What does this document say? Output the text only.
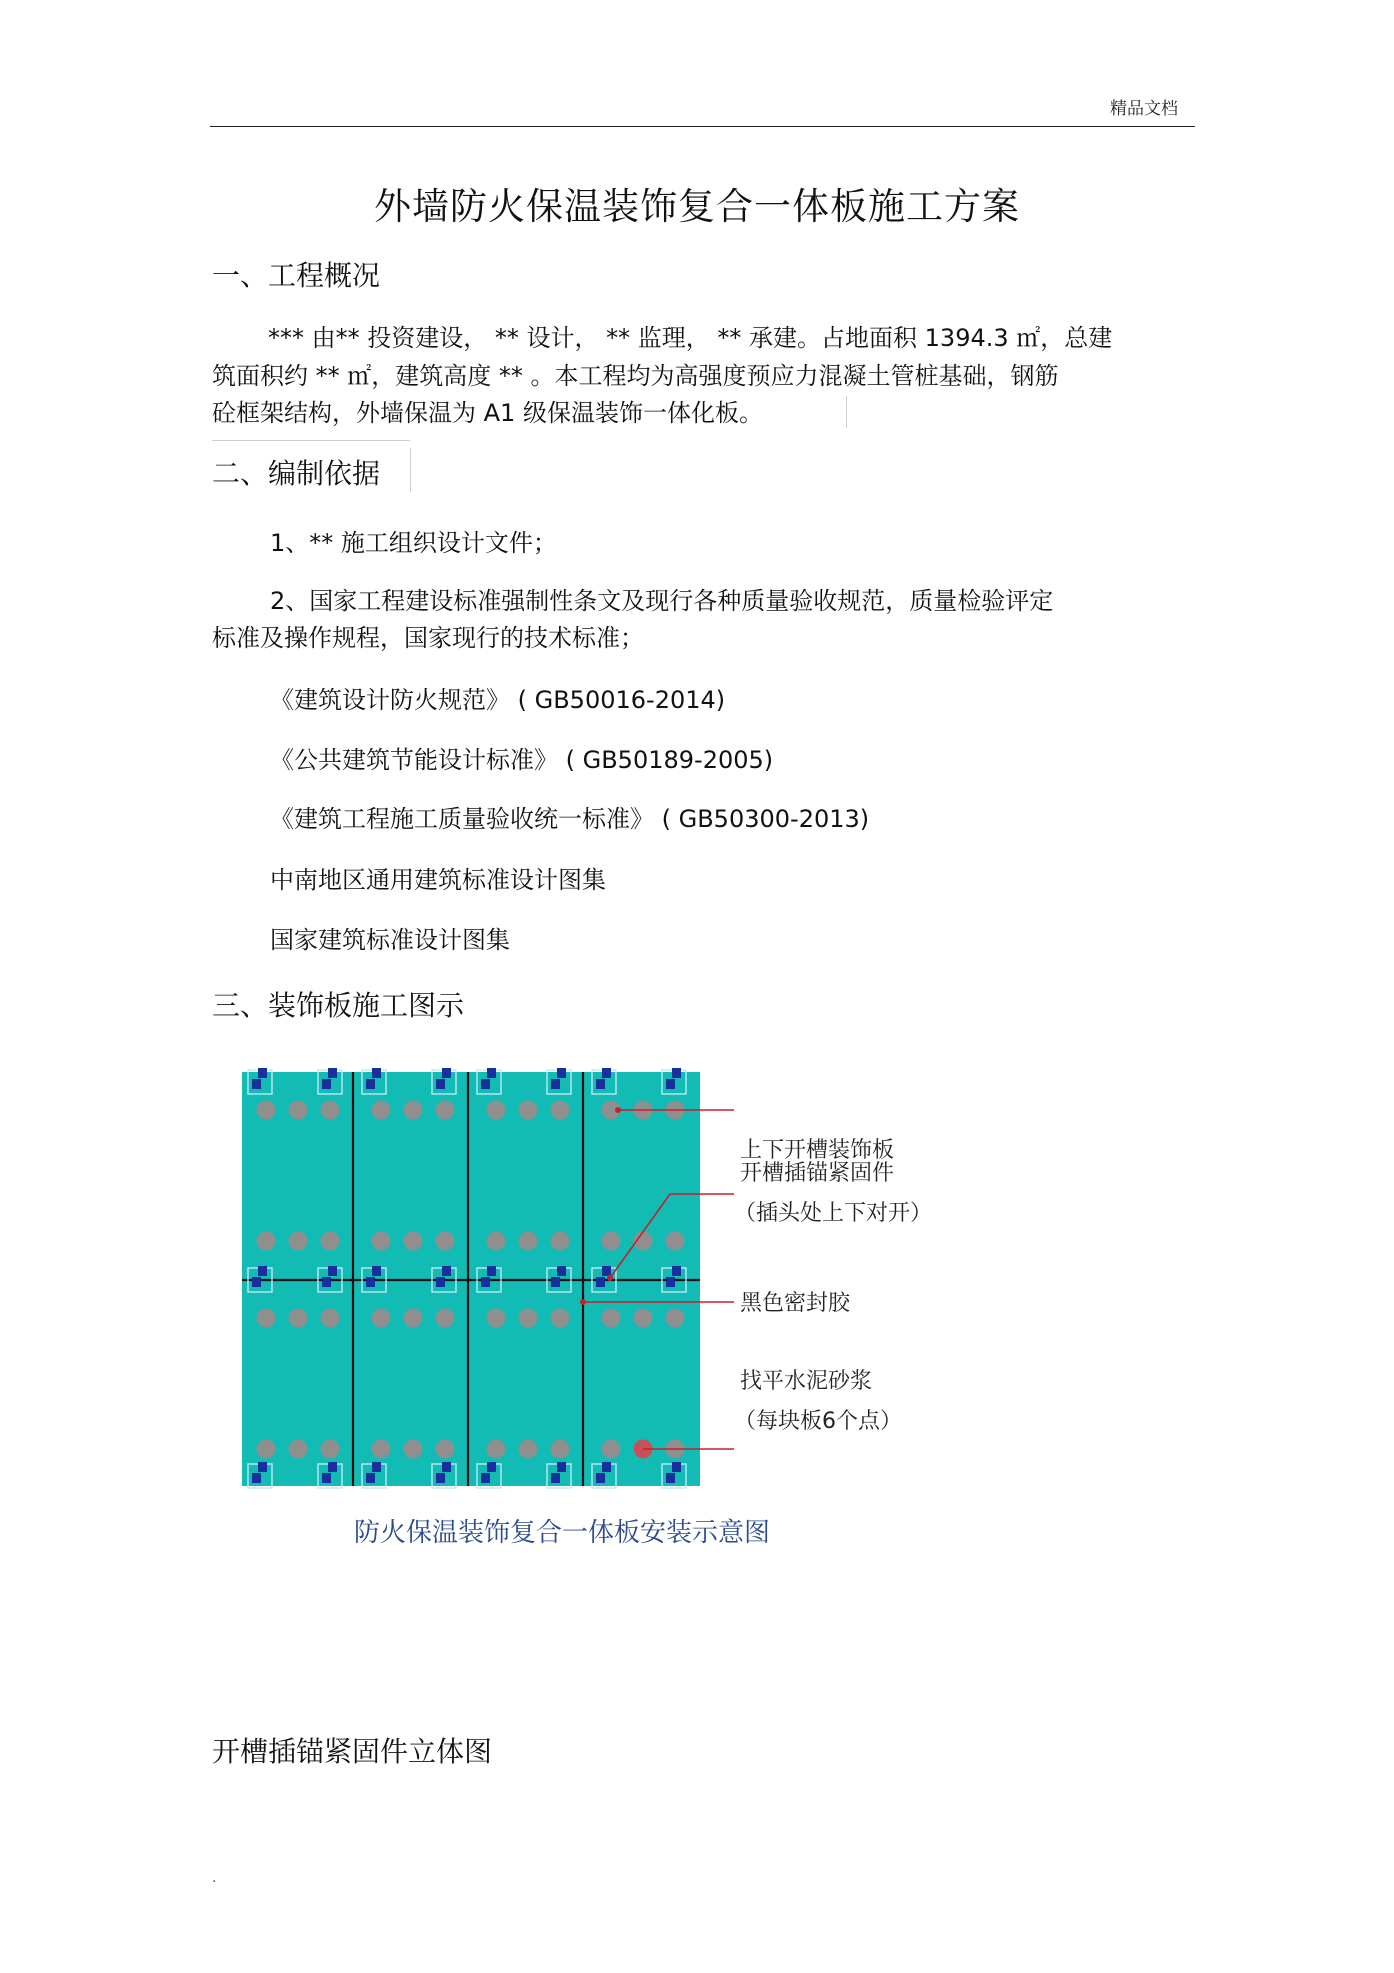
精品文档
外墙防火保温装饰复合一体板施工方案
一、工程概况
*** 由** 投资建设， ** 设计， ** 监理， ** 承建。占地面积 1394.3 ㎡，总建
筑面积约 ** ㎡，建筑高度 ** 。本工程均为高强度预应力混凝土管桩基础，钢筋
砼框架结构，外墙保温为 A1 级保温装饰一体化板。
二、编制依据
1、** 施工组织设计文件；
2、国家工程建设标准强制性条文及现行各种质量验收规范，质量检验评定
标准及操作规程，国家现行的技术标准；
《建筑设计防火规范》 ( GB50016-2014)
《公共建筑节能设计标准》 ( GB50189-2005)
《建筑工程施工质量验收统一标准》 ( GB50300-2013)
中南地区通用建筑标准设计图集
国家建筑标准设计图集
三、装饰板施工图示
上下开槽装饰板
开槽插锚紧固件
（插头处上下对开）
黑色密封胶
找平水泥砂浆
（每块板6个点）
防火保温装饰复合一体板安装示意图
开槽插锚紧固件立体图
.
